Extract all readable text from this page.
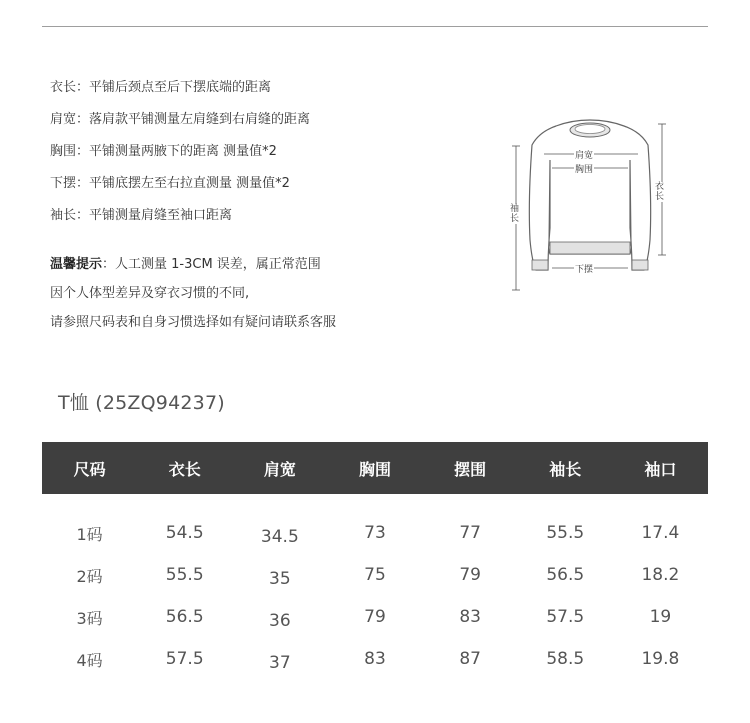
衣长：平铺后颈点至后下摆底端的距离
肩宽：落肩款平铺测量左肩缝到右肩缝的距离
胸围：平铺测量两腋下的距离 测量值*2
下摆：平铺底摆左至右拉直测量 测量值*2
袖长：平铺测量肩缝至袖口距离
温馨提示：人工测量 1-3CM 误差，属正常范围
因个人体型差异及穿衣习惯的不同,
请参照尺码表和自身习惯选择如有疑问请联系客服
肩宽
胸围
下摆
衣长
袖长
T恤 (25ZQ94237)
尺码	衣长	肩宽	胸围	摆围	袖长	袖口
1码	54.5	34.5	73	77	55.5	17.4
2码	55.5	35	75	79	56.5	18.2
3码	56.5	36	79	83	57.5	19
4码	57.5	37	83	87	58.5	19.8
